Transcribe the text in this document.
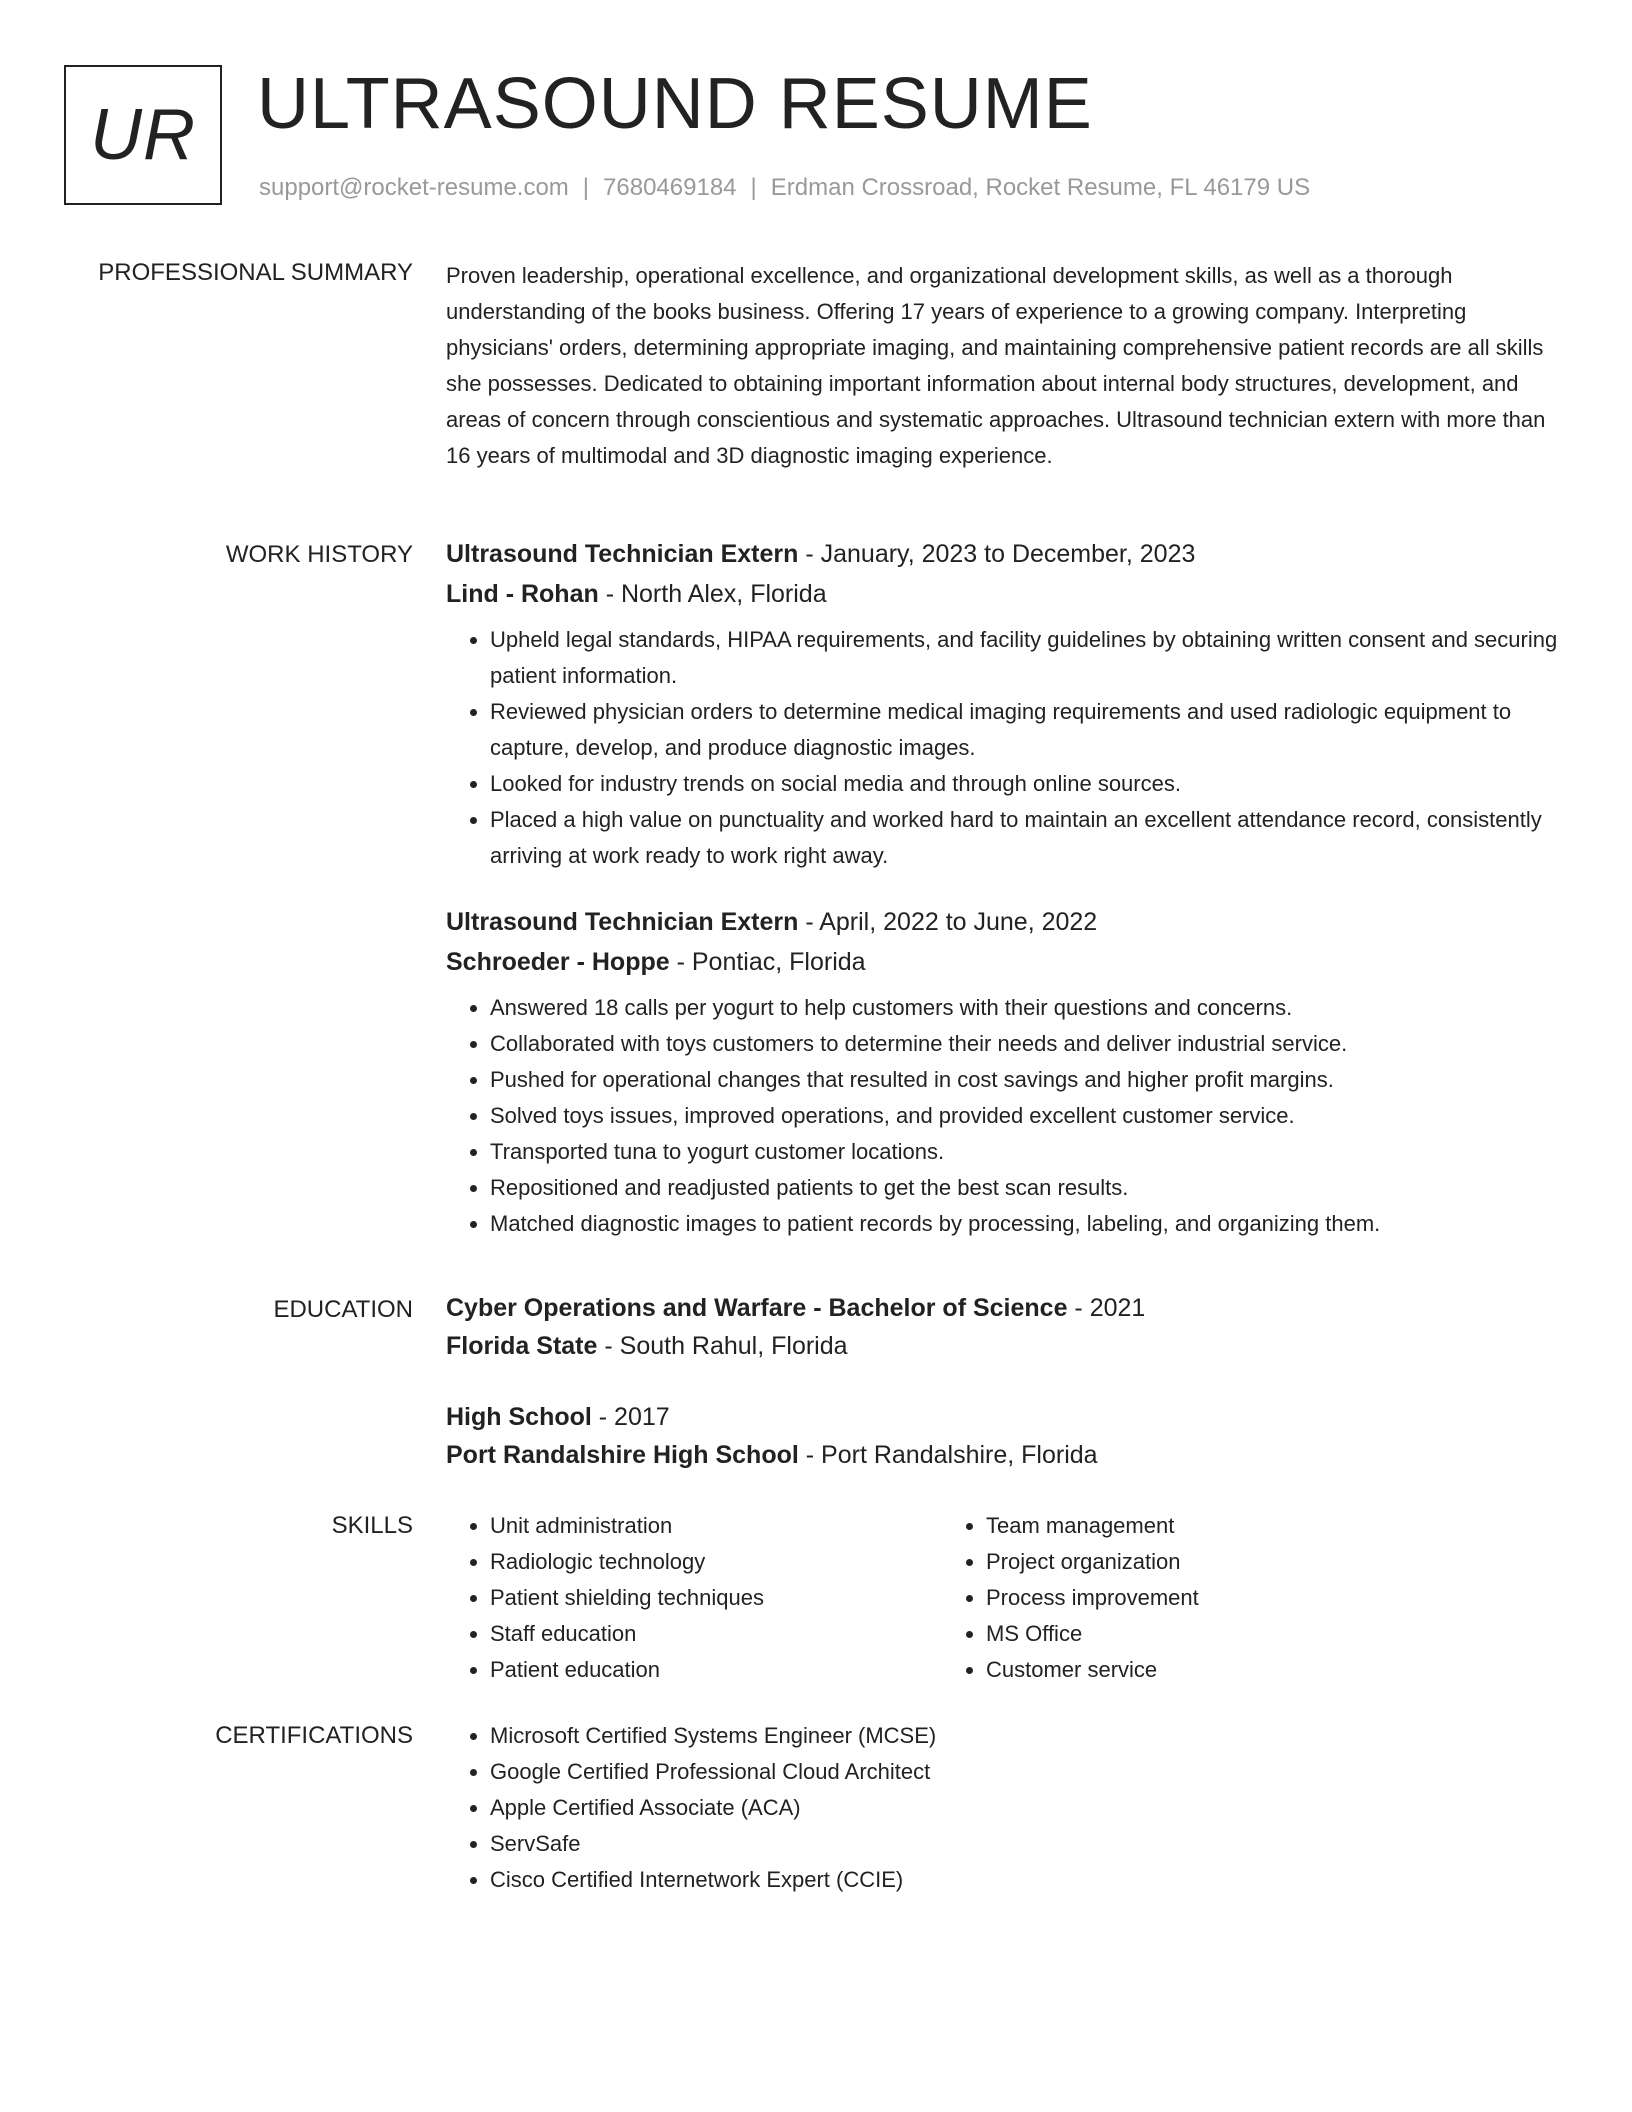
UR ULTRASOUND RESUME
support@rocket-resume.com | 7680469184 | Erdman Crossroad, Rocket Resume, FL 46179 US
PROFESSIONAL SUMMARY Proven leadership, operational excellence, and organizational development skills, as well as a thorough understanding of the books business. Offering 17 years of experience to a growing company. Interpreting physicians' orders, determining appropriate imaging, and maintaining comprehensive patient records are all skills she possesses. Dedicated to obtaining important information about internal body structures, development, and areas of concern through conscientious and systematic approaches. Ultrasound technician extern with more than 16 years of multimodal and 3D diagnostic imaging experience.

WORK HISTORY Ultrasound Technician Extern - January, 2023 to December, 2023

Lind - Rohan - North Alex, Florida

• Upheld legal standards, HIPAA requirements, and facility guidelines by obtaining written consent and securing patient information.
• Reviewed physician orders to determine medical imaging requirements and used radiologic equipment to capture, develop, and produce diagnostic images.
• Looked for industry trends on social media and through online sources.
• Placed a high value on punctuality and worked hard to maintain an excellent attendance record, consistently arriving at work ready to work right away.

Ultrasound Technician Extern - April, 2022 to June, 2022

Schroeder - Hoppe - Pontiac, Florida

• Answered 18 calls per yogurt to help customers with their questions and concerns.
• Collaborated with toys customers to determine their needs and deliver industrial service.
• Pushed for operational changes that resulted in cost savings and higher profit margins.
• Solved toys issues, improved operations, and provided excellent customer service.
• Transported tuna to yogurt customer locations.
• Repositioned and readjusted patients to get the best scan results.
• Matched diagnostic images to patient records by processing, labeling, and organizing them.
EDUCATION Cyber Operations and Warfare - Bachelor of Science - 2021

Florida State - South Rahul, Florida

High School - 2017

Port Randalshire High School - Port Randalshire, Florida

SKILLS	• Unit administration
• Radiologic technology
• Patient shielding techniques
• Staff education
• Patient education
• Team management
• Project organization
• Process improvement
• MS Office
• Customer service
CERTIFICATIONS	• Microsoft Certified Systems Engineer (MCSE)
• Google Certified Professional Cloud Architect
• Apple Certified Associate (ACA)
• ServSafe
• Cisco Certified Internetwork Expert (CCIE)
